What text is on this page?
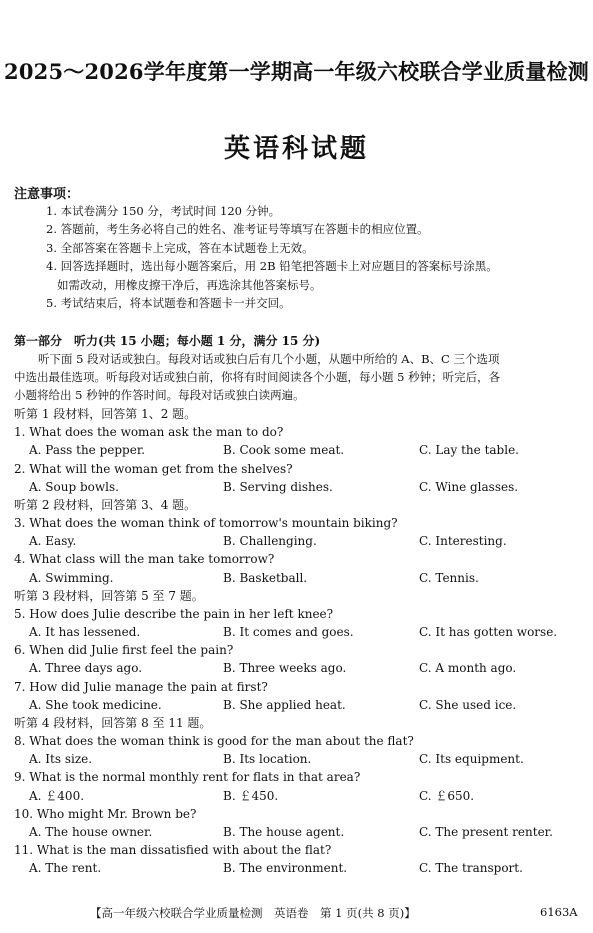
2025～2026学年度第一学期高一年级六校联合学业质量检测
英语科试题
注意事项：

1. 本试卷满分 150 分，考试时间 120 分钟。

2. 答题前，考生务必将自己的姓名、准考证号等填写在答题卡的相应位置。

3. 全部答案在答题卡上完成，答在本试题卷上无效。

4. 回答选择题时，选出每小题答案后，用 2B 铅笔把答题卡上对应题目的答案标号涂黑。

如需改动，用橡皮擦干净后，再选涂其他答案标号。

5. 考试结束后，将本试题卷和答题卡一并交回。

第一部分　听力(共 15 小题；每小题 1 分，满分 15 分)

听下面 5 段对话或独白。每段对话或独白后有几个小题，从题中所给的 A、B、C 三个选项

中选出最佳选项。听每段对话或独白前，你将有时间阅读各个小题，每小题 5 秒钟；听完后，各

小题将给出 5 秒钟的作答时间。每段对话或独白读两遍。

听第 1 段材料，回答第 1、2 题。
1. What does the woman ask the man to do?
A. Pass the pepper.	B. Cook some meat.	C. Lay the table.
2. What will the woman get from the shelves?
A. Soup bowls.	B. Serving dishes.	C. Wine glasses.
听第 2 段材料，回答第 3、4 题。
3. What does the woman think of tomorrow's mountain biking?
A. Easy.	B. Challenging.	C. Interesting.
4. What class will the man take tomorrow?
A. Swimming.	B. Basketball.	C. Tennis.
听第 3 段材料，回答第 5 至 7 题。
5. How does Julie describe the pain in her left knee?
A. It has lessened.	B. It comes and goes.	C. It has gotten worse.
6. When did Julie first feel the pain?
A. Three days ago.	B. Three weeks ago.	C. A month ago.
7. How did Julie manage the pain at first?
A. She took medicine.	B. She applied heat.	C. She used ice.
听第 4 段材料，回答第 8 至 11 题。
8. What does the woman think is good for the man about the flat?
A. Its size.	B. Its location.	C. Its equipment.
9. What is the normal monthly rent for flats in that area?
A. ￡400.	B. ￡450.	C. ￡650.
10. Who might Mr. Brown be?
A. The house owner.	B. The house agent.	C. The present renter.
11. What is the man dissatisfied with about the flat?
A. The rent.	B. The environment.	C. The transport.
【高一年级六校联合学业质量检测　英语卷　第 1 页(共 8 页)】	6163A
